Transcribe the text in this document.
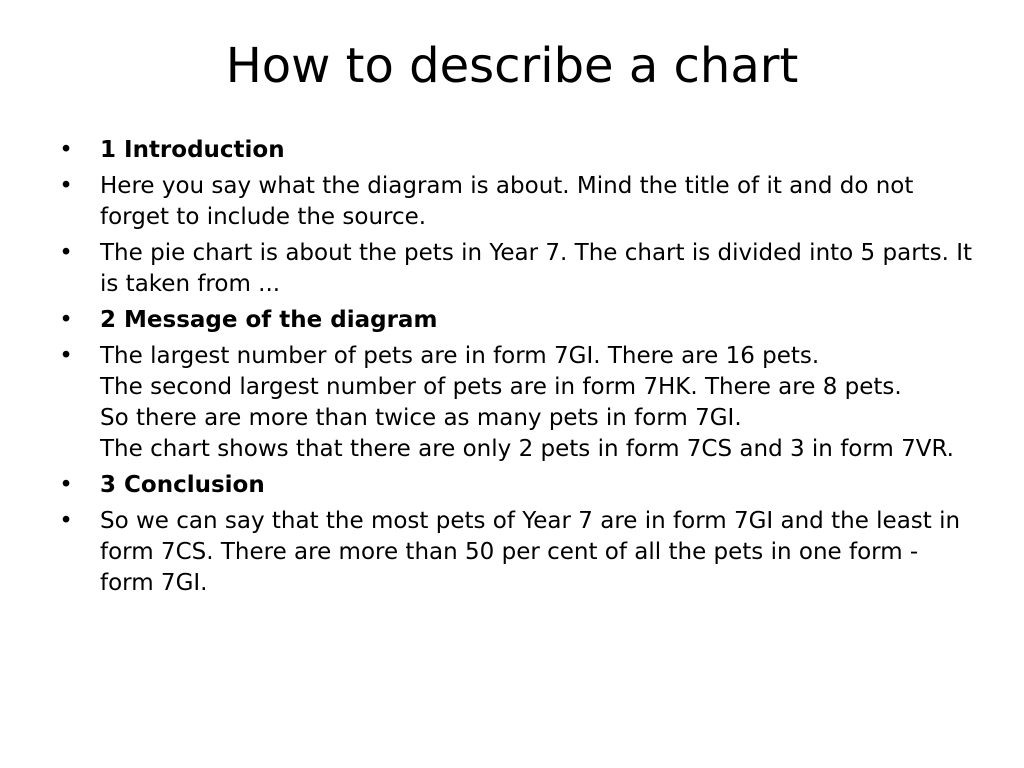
How to describe a chart
• 1 Introduction
• Here you say what the diagram is about. Mind the title of it and do not forget to include the source.
• The pie chart is about the pets in Year 7. The chart is divided into 5 parts. It is taken from ...
• 2 Message of the diagram
• The largest number of pets are in form 7GI. There are 16 pets.
The second largest number of pets are in form 7HK. There are 8 pets.
So there are more than twice as many pets in form 7GI.
The chart shows that there are only 2 pets in form 7CS and 3 in form 7VR.
• 3 Conclusion
• So we can say that the most pets of Year 7 are in form 7GI and the least in form 7CS. There are more than 50 per cent of all the pets in one form - form 7GI.
